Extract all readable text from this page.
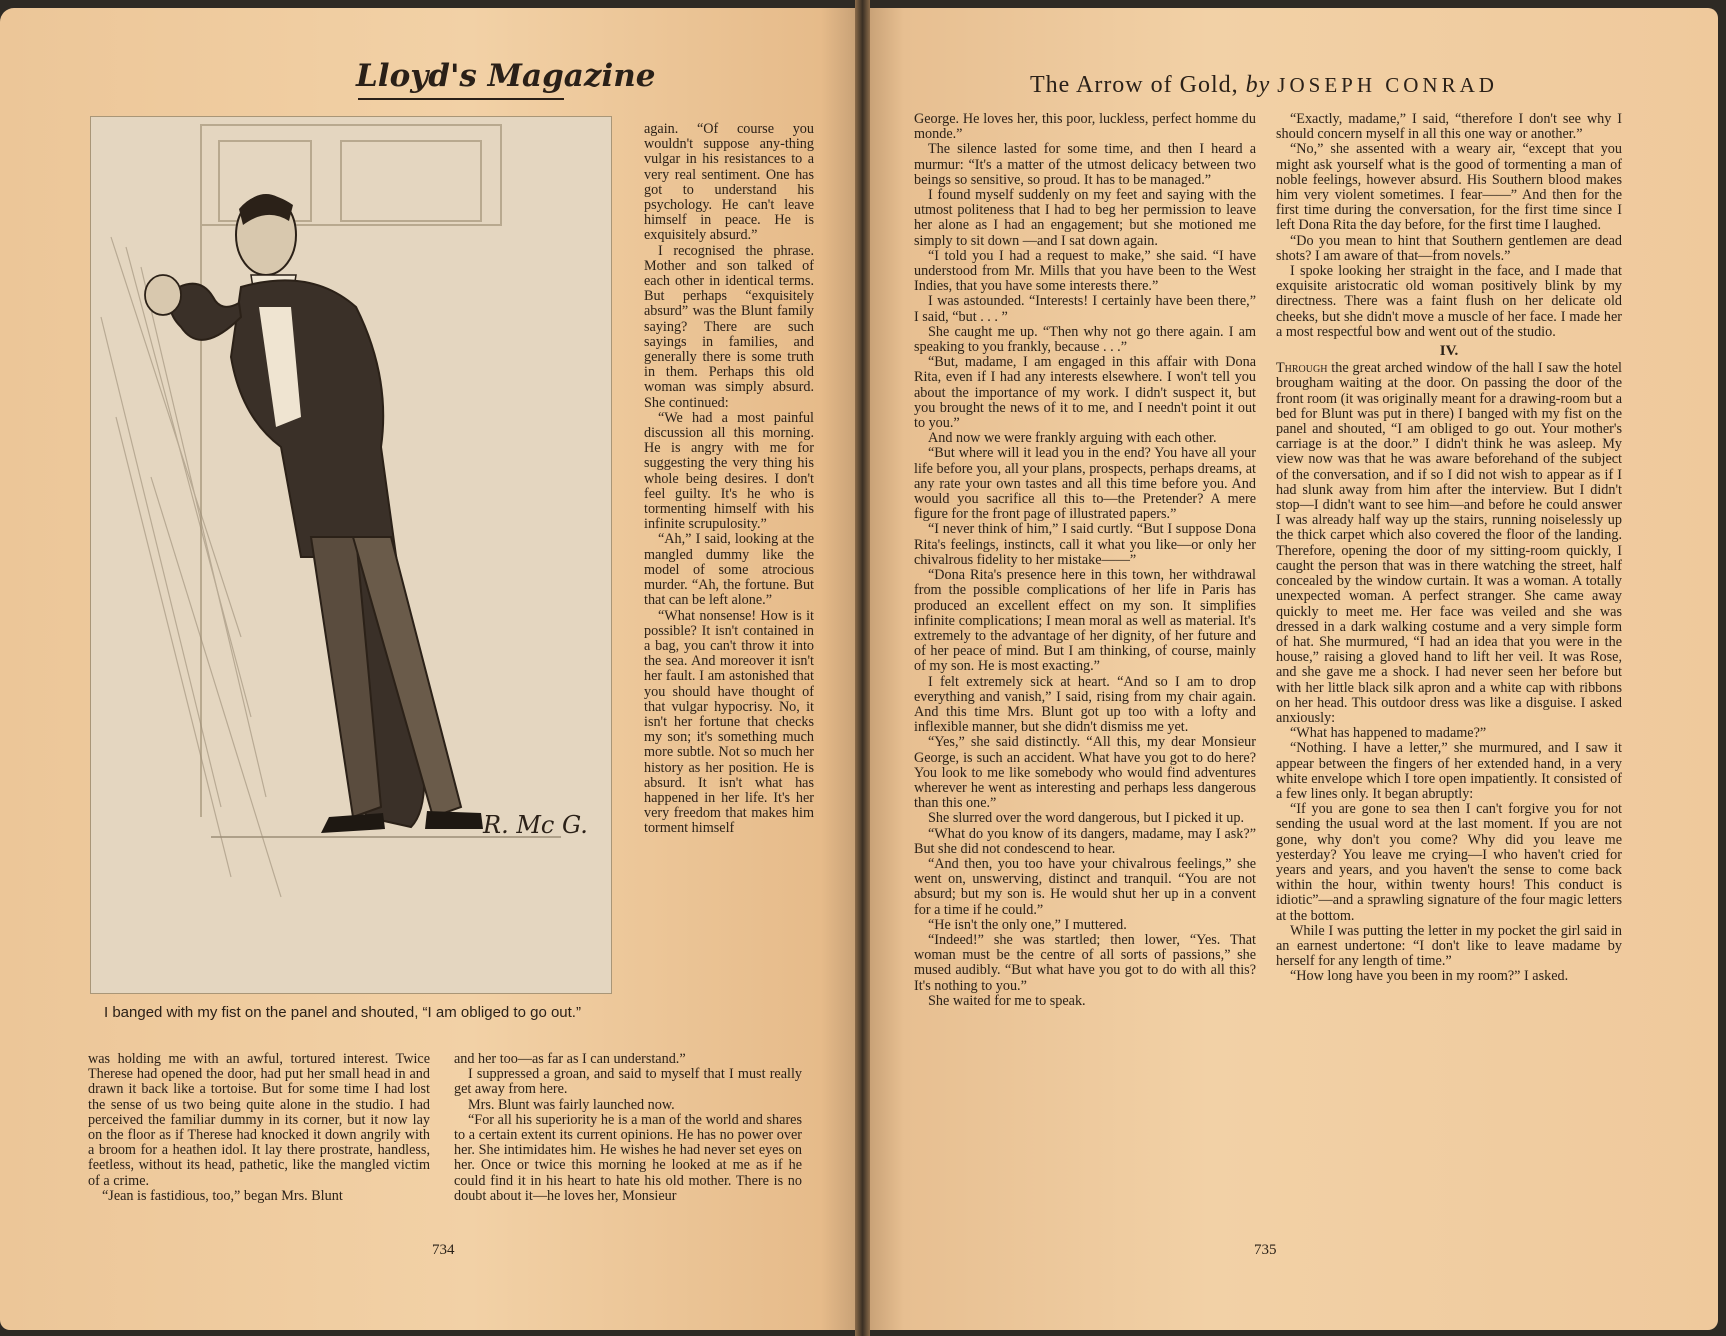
Lloyd's Magazine
R. Mc G.
I banged with my fist on the panel and shouted, “I am obliged to go out.”

again. “Of course you wouldn't suppose any-thing vulgar in his resistances to a very real sentiment. One has got to understand his psychology. He can't leave himself in peace. He is exquisitely absurd.”

I recognised the phrase. Mother and son talked of each other in identical terms. But perhaps “exquisitely absurd” was the Blunt family saying? There are such sayings in families, and generally there is some truth in them. Perhaps this old woman was simply absurd. She continued:

“We had a most painful discussion all this morning. He is angry with me for suggesting the very thing his whole being desires. I don't feel guilty. It's he who is tormenting himself with his infinite scrupulosity.”

“Ah,” I said, looking at the mangled dummy like the model of some atrocious murder. “Ah, the fortune. But that can be left alone.”

“What nonsense! How is it possible? It isn't contained in a bag, you can't throw it into the sea. And moreover it isn't her fault. I am astonished that you should have thought of that vulgar hypocrisy. No, it isn't her fortune that checks my son; it's something much more subtle. Not so much her history as her position. He is absurd. It isn't what has happened in her life. It's her very freedom that makes him torment himself

was holding me with an awful, tortured interest. Twice Therese had opened the door, had put her small head in and drawn it back like a tortoise. But for some time I had lost the sense of us two being quite alone in the studio. I had perceived the familiar dummy in its corner, but it now lay on the floor as if Therese had knocked it down angrily with a broom for a heathen idol. It lay there prostrate, handless, feetless, without its head, pathetic, like the mangled victim of a crime.

“Jean is fastidious, too,” began Mrs. Blunt

and her too—as far as I can understand.”

I suppressed a groan, and said to myself that I must really get away from here.

Mrs. Blunt was fairly launched now.

“For all his superiority he is a man of the world and shares to a certain extent its current opinions. He has no power over her. She intimidates him. He wishes he had never set eyes on her. Once or twice this morning he looked at me as if he could find it in his heart to hate his old mother. There is no doubt about it—he loves her, Monsieur

734
The Arrow of Gold, by JOSEPH CONRAD

George. He loves her, this poor, luckless, perfect homme du monde.”

The silence lasted for some time, and then I heard a murmur: “It's a matter of the utmost delicacy between two beings so sensitive, so proud. It has to be managed.”

I found myself suddenly on my feet and saying with the utmost politeness that I had to beg her permission to leave her alone as I had an engagement; but she motioned me simply to sit down —and I sat down again.

“I told you I had a request to make,” she said. “I have understood from Mr. Mills that you have been to the West Indies, that you have some interests there.”

I was astounded. “Interests! I certainly have been there,” I said, “but . . . ”

She caught me up. “Then why not go there again. I am speaking to you frankly, because . . .”

“But, madame, I am engaged in this affair with Dona Rita, even if I had any interests elsewhere. I won't tell you about the importance of my work. I didn't suspect it, but you brought the news of it to me, and I needn't point it out to you.”

And now we were frankly arguing with each other.

“But where will it lead you in the end? You have all your life before you, all your plans, prospects, perhaps dreams, at any rate your own tastes and all this time before you. And would you sacrifice all this to—the Pretender? A mere figure for the front page of illustrated papers.”

“I never think of him,” I said curtly. “But I suppose Dona Rita's feelings, instincts, call it what you like—or only her chivalrous fidelity to her mistake——”

“Dona Rita's presence here in this town, her withdrawal from the possible complications of her life in Paris has produced an excellent effect on my son. It simplifies infinite complications; I mean moral as well as material. It's extremely to the advantage of her dignity, of her future and of her peace of mind. But I am thinking, of course, mainly of my son. He is most exacting.”

I felt extremely sick at heart. “And so I am to drop everything and vanish,” I said, rising from my chair again. And this time Mrs. Blunt got up too with a lofty and inflexible manner, but she didn't dismiss me yet.

“Yes,” she said distinctly. “All this, my dear Monsieur George, is such an accident. What have you got to do here? You look to me like somebody who would find adventures wherever he went as interesting and perhaps less dangerous than this one.”

She slurred over the word dangerous, but I picked it up.

“What do you know of its dangers, madame, may I ask?” But she did not condescend to hear.

“And then, you too have your chivalrous feelings,” she went on, unswerving, distinct and tranquil. “You are not absurd; but my son is. He would shut her up in a convent for a time if he could.”

“He isn't the only one,” I muttered.

“Indeed!” she was startled; then lower, “Yes. That woman must be the centre of all sorts of passions,” she mused audibly. “But what have you got to do with all this? It's nothing to you.”

She waited for me to speak.

“Exactly, madame,” I said, “therefore I don't see why I should concern myself in all this one way or another.”

“No,” she assented with a weary air, “except that you might ask yourself what is the good of tormenting a man of noble feelings, however absurd. His Southern blood makes him very violent sometimes. I fear——” And then for the first time during the conversation, for the first time since I left Dona Rita the day before, for the first time I laughed.

“Do you mean to hint that Southern gentlemen are dead shots? I am aware of that—from novels.”

I spoke looking her straight in the face, and I made that exquisite aristocratic old woman positively blink by my directness. There was a faint flush on her delicate old cheeks, but she didn't move a muscle of her face. I made her a most respectful bow and went out of the studio.

IV.

Through the great arched window of the hall I saw the hotel brougham waiting at the door. On passing the door of the front room (it was originally meant for a drawing-room but a bed for Blunt was put in there) I banged with my fist on the panel and shouted, “I am obliged to go out. Your mother's carriage is at the door.” I didn't think he was asleep. My view now was that he was aware beforehand of the subject of the conversation, and if so I did not wish to appear as if I had slunk away from him after the interview. But I didn't stop—I didn't want to see him—and before he could answer I was already half way up the stairs, running noiselessly up the thick carpet which also covered the floor of the landing. Therefore, opening the door of my sitting-room quickly, I caught the person that was in there watching the street, half concealed by the window curtain. It was a woman. A totally unexpected woman. A perfect stranger. She came away quickly to meet me. Her face was veiled and she was dressed in a dark walking costume and a very simple form of hat. She murmured, “I had an idea that you were in the house,” raising a gloved hand to lift her veil. It was Rose, and she gave me a shock. I had never seen her before but with her little black silk apron and a white cap with ribbons on her head. This outdoor dress was like a disguise. I asked anxiously:

“What has happened to madame?”

“Nothing. I have a letter,” she murmured, and I saw it appear between the fingers of her extended hand, in a very white envelope which I tore open impatiently. It consisted of a few lines only. It began abruptly:

“If you are gone to sea then I can't forgive you for not sending the usual word at the last moment. If you are not gone, why don't you come? Why did you leave me yesterday? You leave me crying—I who haven't cried for years and years, and you haven't the sense to come back within the hour, within twenty hours! This conduct is idiotic”—and a sprawling signature of the four magic letters at the bottom.

While I was putting the letter in my pocket the girl said in an earnest undertone: “I don't like to leave madame by herself for any length of time.”

“How long have you been in my room?” I asked.

735
